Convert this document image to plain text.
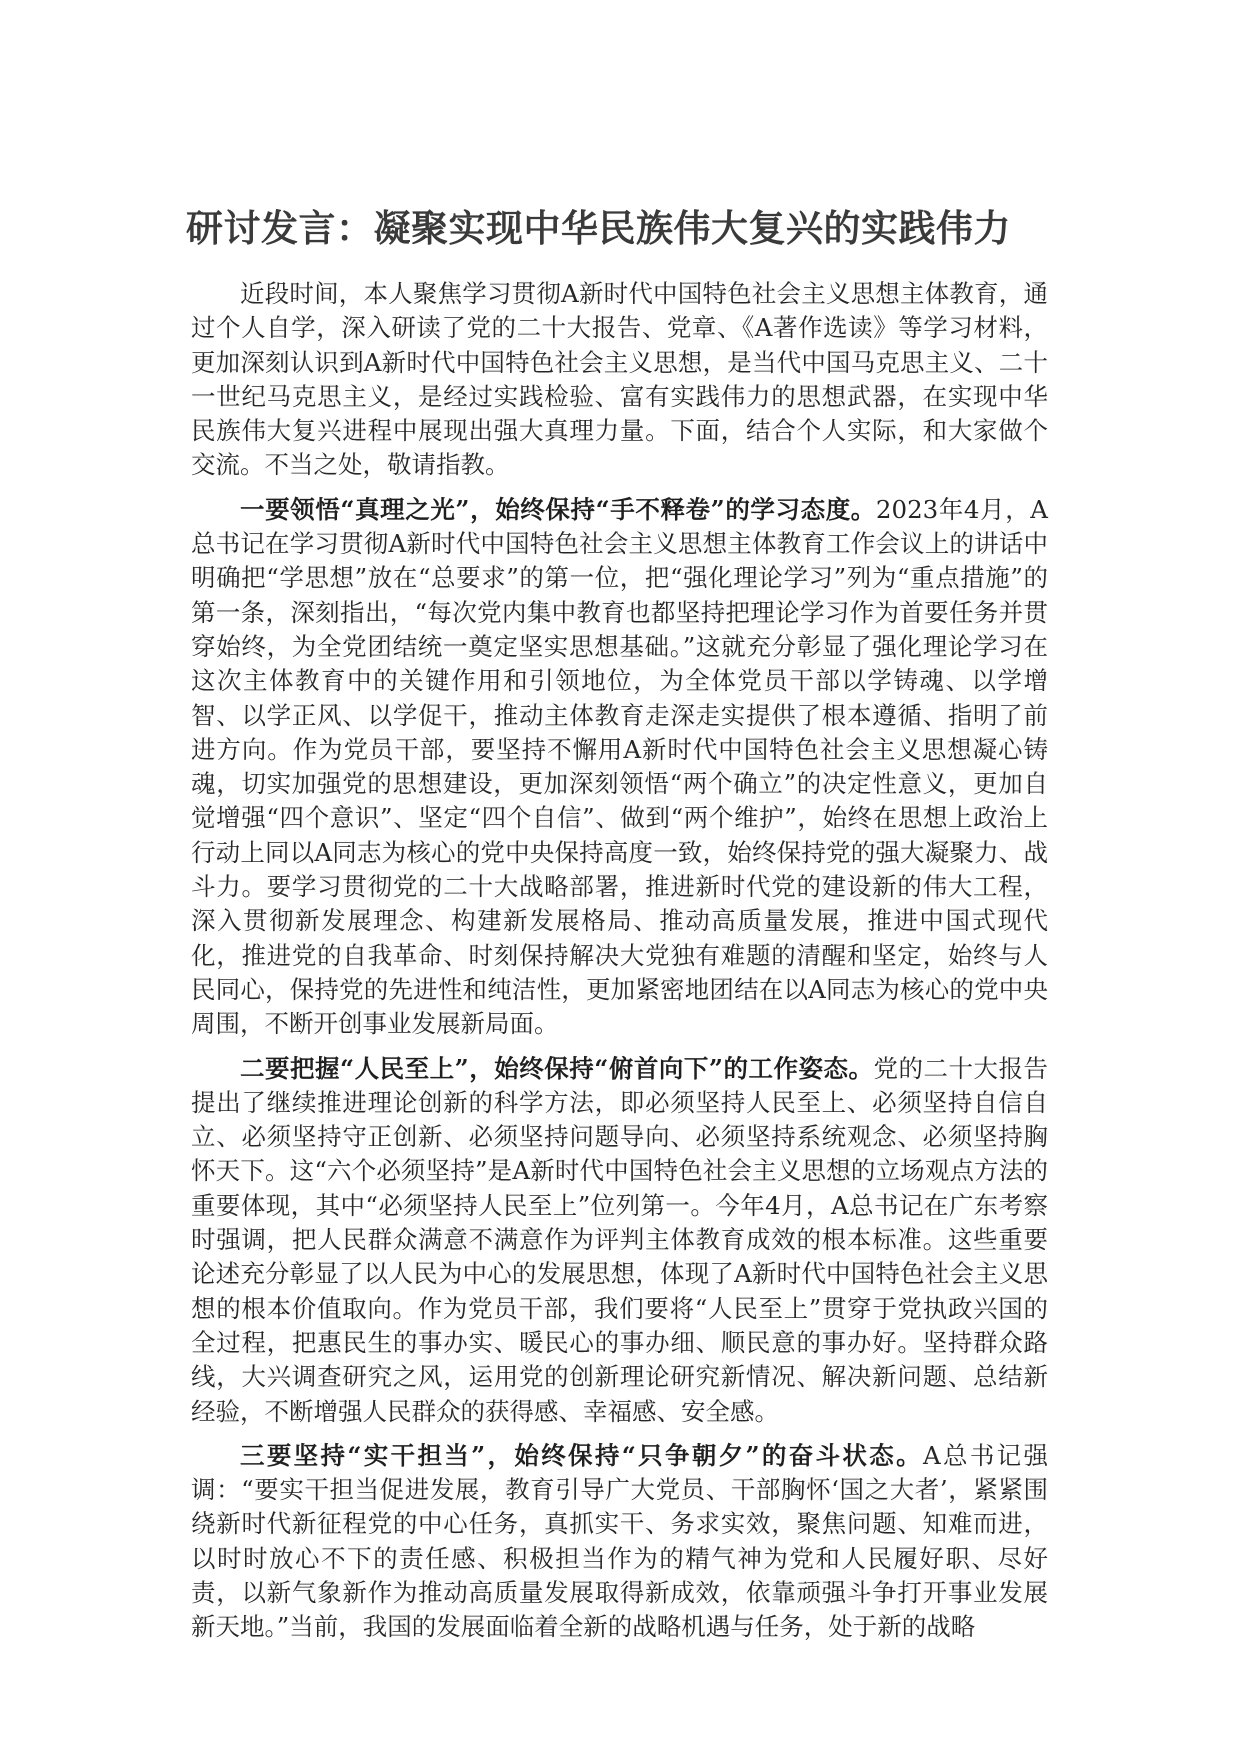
研讨发言：凝聚实现中华民族伟大复兴的实践伟力

近段时间，本人聚焦学习贯彻A新时代中国特色社会主义思想主体教育，通过个人自学，深入研读了党的二十大报告、党章、《A著作选读》等学习材料，更加深刻认识到A新时代中国特色社会主义思想，是当代中国马克思主义、二十一世纪马克思主义，是经过实践检验、富有实践伟力的思想武器，在实现中华民族伟大复兴进程中展现出强大真理力量。下面，结合个人实际，和大家做个交流。不当之处，敬请指教。

一要领悟“真理之光”，始终保持“手不释卷”的学习态度。2023年4月，A总书记在学习贯彻A新时代中国特色社会主义思想主体教育工作会议上的讲话中明确把“学思想”放在“总要求”的第一位，把“强化理论学习”列为“重点措施”的第一条，深刻指出，“每次党内集中教育也都坚持把理论学习作为首要任务并贯穿始终，为全党团结统一奠定坚实思想基础。”这就充分彰显了强化理论学习在这次主体教育中的关键作用和引领地位，为全体党员干部以学铸魂、以学增智、以学正风、以学促干，推动主体教育走深走实提供了根本遵循、指明了前进方向。作为党员干部，要坚持不懈用A新时代中国特色社会主义思想凝心铸魂，切实加强党的思想建设，更加深刻领悟“两个确立”的决定性意义，更加自觉增强“四个意识”、坚定“四个自信”、做到“两个维护”，始终在思想上政治上行动上同以A同志为核心的党中央保持高度一致，始终保持党的强大凝聚力、战斗力。要学习贯彻党的二十大战略部署，推进新时代党的建设新的伟大工程，深入贯彻新发展理念、构建新发展格局、推动高质量发展，推进中国式现代化，推进党的自我革命、时刻保持解决大党独有难题的清醒和坚定，始终与人民同心，保持党的先进性和纯洁性，更加紧密地团结在以A同志为核心的党中央周围，不断开创事业发展新局面。

二要把握“人民至上”，始终保持“俯首向下”的工作姿态。党的二十大报告提出了继续推进理论创新的科学方法，即必须坚持人民至上、必须坚持自信自立、必须坚持守正创新、必须坚持问题导向、必须坚持系统观念、必须坚持胸怀天下。这“六个必须坚持”是A新时代中国特色社会主义思想的立场观点方法的重要体现，其中“必须坚持人民至上”位列第一。今年4月，A总书记在广东考察时强调，把人民群众满意不满意作为评判主体教育成效的根本标准。这些重要论述充分彰显了以人民为中心的发展思想，体现了A新时代中国特色社会主义思想的根本价值取向。作为党员干部，我们要将“人民至上”贯穿于党执政兴国的全过程，把惠民生的事办实、暖民心的事办细、顺民意的事办好。坚持群众路线，大兴调查研究之风，运用党的创新理论研究新情况、解决新问题、总结新经验，不断增强人民群众的获得感、幸福感、安全感。

三要坚持“实干担当”，始终保持“只争朝夕”的奋斗状态。A总书记强调：“要实干担当促进发展，教育引导广大党员、干部胸怀‘国之大者’，紧紧围绕新时代新征程党的中心任务，真抓实干、务求实效，聚焦问题、知难而进，以时时放心不下的责任感、积极担当作为的精气神为党和人民履好职、尽好责，以新气象新作为推动高质量发展取得新成效，依靠顽强斗争打开事业发展新天地。”当前，我国的发展面临着全新的战略机遇与任务，处于新的战略
